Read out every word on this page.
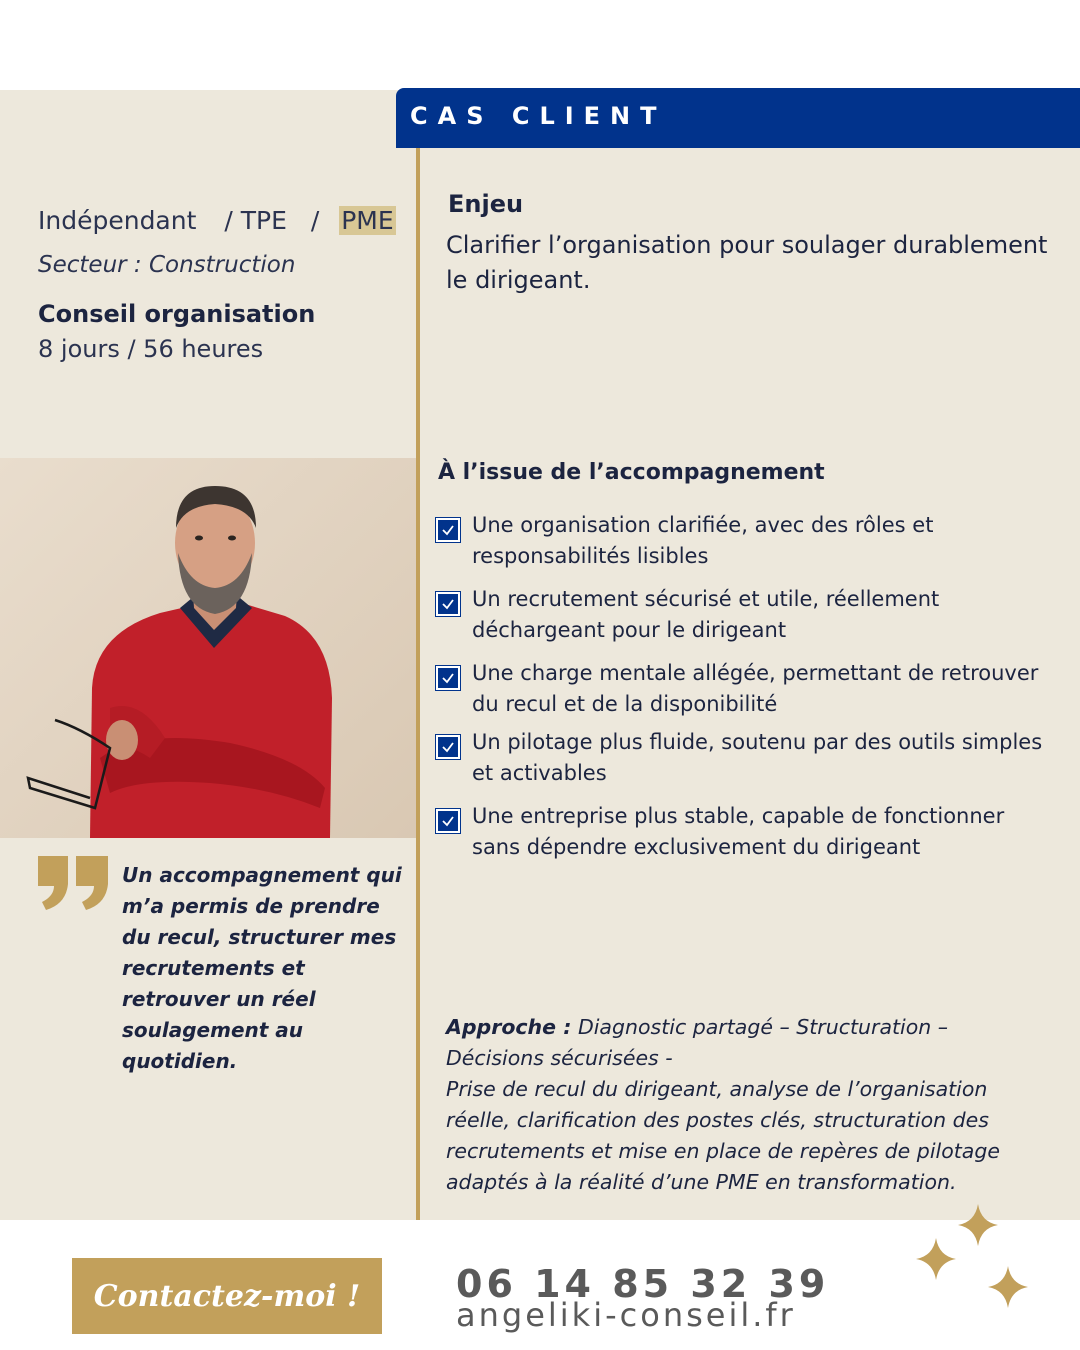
CAS CLIENT
Indépendant / TPE / PME
Secteur : Construction
Conseil organisation
8 jours / 56 heures
Enjeu
Clarifier l’organisation pour soulager durablement le dirigeant.
Un accompagnement qui m’a permis de prendre du recul, structurer mes recrutements et retrouver un réel soulagement au quotidien.
À l’issue de l’accompagnement
Une organisation clarifiée, avec des rôles et responsabilités lisibles
Un recrutement sécurisé et utile, réellement déchargeant pour le dirigeant
Une charge mentale allégée, permettant de retrouver du recul et de la disponibilité
Un pilotage plus fluide, soutenu par des outils simples et activables
Une entreprise plus stable, capable de fonctionner sans dépendre exclusivement du dirigeant
Approche : Diagnostic partagé – Structuration – Décisions sécurisées -
Prise de recul du dirigeant, analyse de l’organisation réelle, clarification des postes clés, structuration des recrutements et mise en place de repères de pilotage adaptés à la réalité d’une PME en transformation.
Contactez-moi !	06 14 85 32 39
angeliki-conseil.fr
